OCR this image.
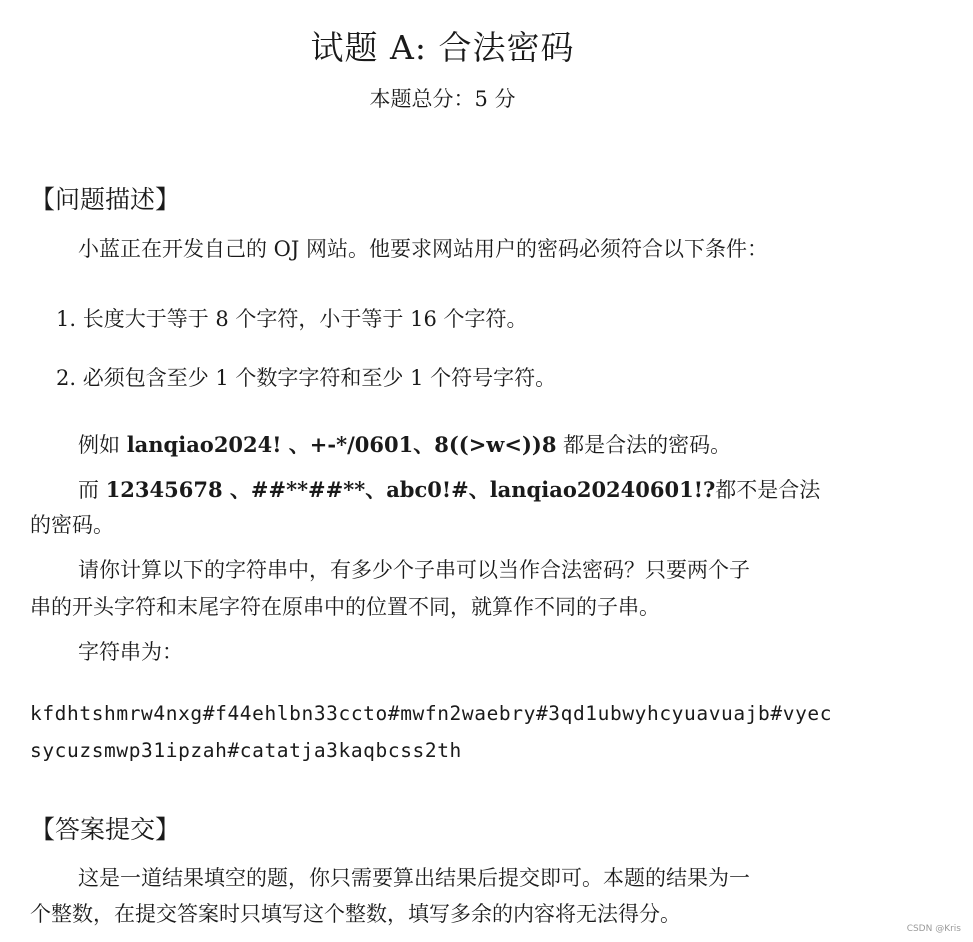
试题 A: 合法密码
本题总分：5 分
【问题描述】
小蓝正在开发自己的 OJ 网站。他要求网站用户的密码必须符合以下条件：
1. 长度大于等于 8 个字符，小于等于 16 个字符。
2. 必须包含至少 1 个数字字符和至少 1 个符号字符。
例如 lanqiao2024! 、+-*/0601、8((>w<))8 都是合法的密码。
而 12345678 、##**##**、abc0!#、lanqiao20240601!?都不是合法
的密码。
请你计算以下的字符串中，有多少个子串可以当作合法密码？只要两个子
串的开头字符和末尾字符在原串中的位置不同，就算作不同的子串。
字符串为：
kfdhtshmrw4nxg#f44ehlbn33ccto#mwfn2waebry#3qd1ubwyhcyuavuajb#vyec
sycuzsmwp31ipzah#catatja3kaqbcss2th
【答案提交】
这是一道结果填空的题，你只需要算出结果后提交即可。本题的结果为一
个整数，在提交答案时只填写这个整数，填写多余的内容将无法得分。
CSDN @Kris
